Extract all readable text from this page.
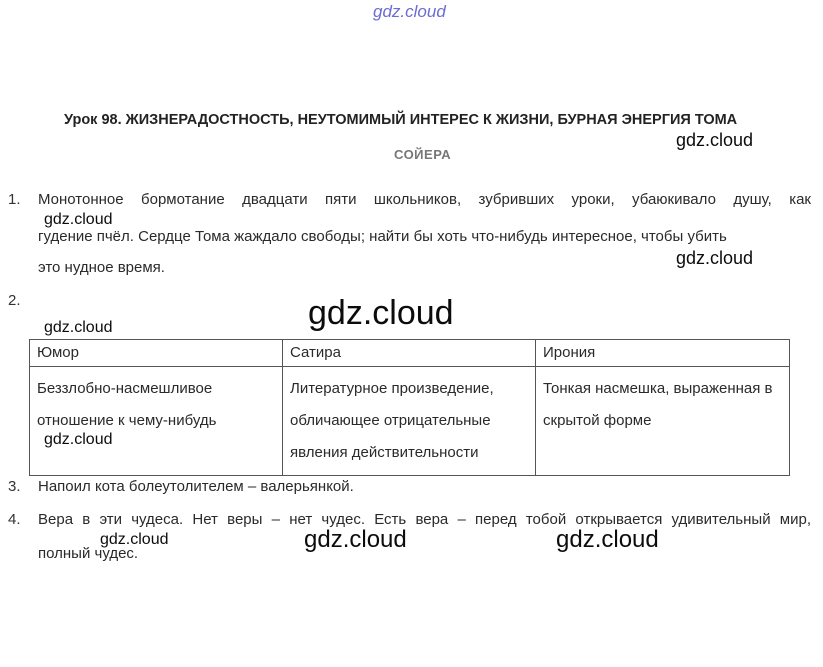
gdz.cloud
Урок 98. ЖИЗНЕРАДОСТНОСТЬ, НЕУТОМИМЫЙ ИНТЕРЕС К ЖИЗНИ, БУРНАЯ ЭНЕРГИЯ ТОМА
СОЙЕРА
1. Монотонное бормотание двадцати пяти школьников, зубривших уроки, убаюкивало душу, как
гудение пчёл. Сердце Тома жаждало свободы; найти бы хоть что-нибудь интересное, чтобы убить
это нудное время.
2.
Юмор	Сатира	Ирония
Беззлобно-насмешливое отношение к чему-нибудь	Литературное произведение, обличающее отрицательные явления действительности	Тонкая насмешка, выраженная в скрытой форме
3. Напоил кота болеутолителем – валерьянкой.
4. Вера в эти чудеса. Нет веры – нет чудес. Есть вера – перед тобой открывается удивительный мир,
полный чудес.
gdz.cloud
gdz.cloud
gdz.cloud
gdz.cloud
gdz.cloud
gdz.cloud
gdz.cloud	gdz.cloud	gdz.cloud
